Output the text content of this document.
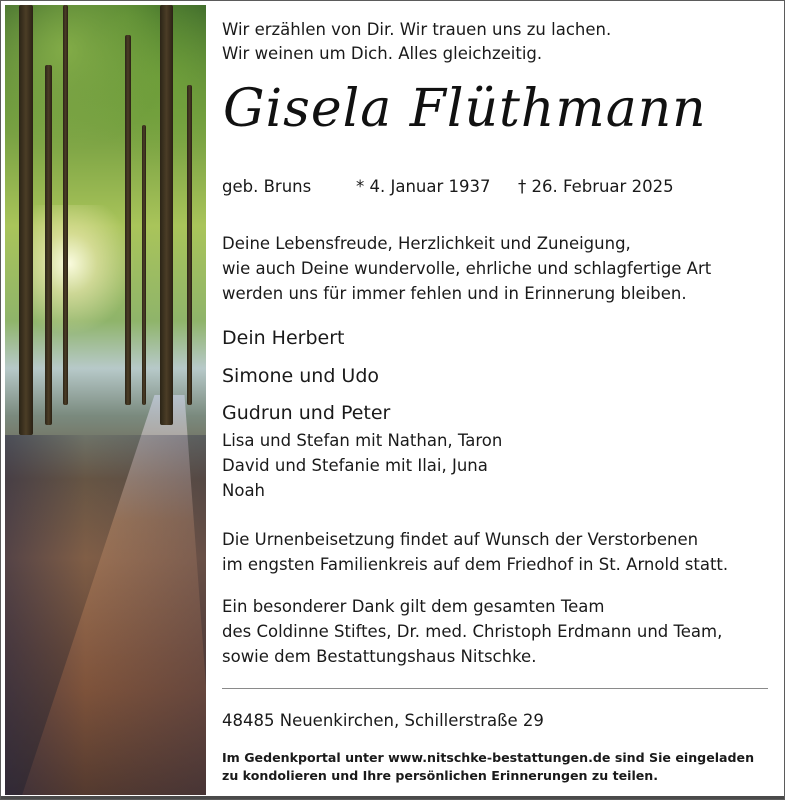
Wir erzählen von Dir. Wir trauen uns zu lachen.
Wir weinen um Dich. Alles gleichzeitig.
Gisela Flüthmann
geb. Bruns	* 4. Januar 1937 † 26. Februar 2025
Deine Lebensfreude, Herzlichkeit und Zuneigung,
wie auch Deine wundervolle, ehrliche und schlagfertige Art
werden uns für immer fehlen und in Erinnerung bleiben.
Dein Herbert
Simone und Udo
Gudrun und Peter
Lisa und Stefan mit Nathan, Taron
David und Stefanie mit Ilai, Juna
Noah
Die Urnenbeisetzung findet auf Wunsch der Verstorbenen
im engsten Familienkreis auf dem Friedhof in St. Arnold statt.
Ein besonderer Dank gilt dem gesamten Team
des Coldinne Stiftes, Dr. med. Christoph Erdmann und Team,
sowie dem Bestattungshaus Nitschke.
48485 Neuenkirchen, Schillerstraße 29
Im Gedenkportal unter www.nitschke-bestattungen.de sind Sie eingeladen
zu kondolieren und Ihre persönlichen Erinnerungen zu teilen.
